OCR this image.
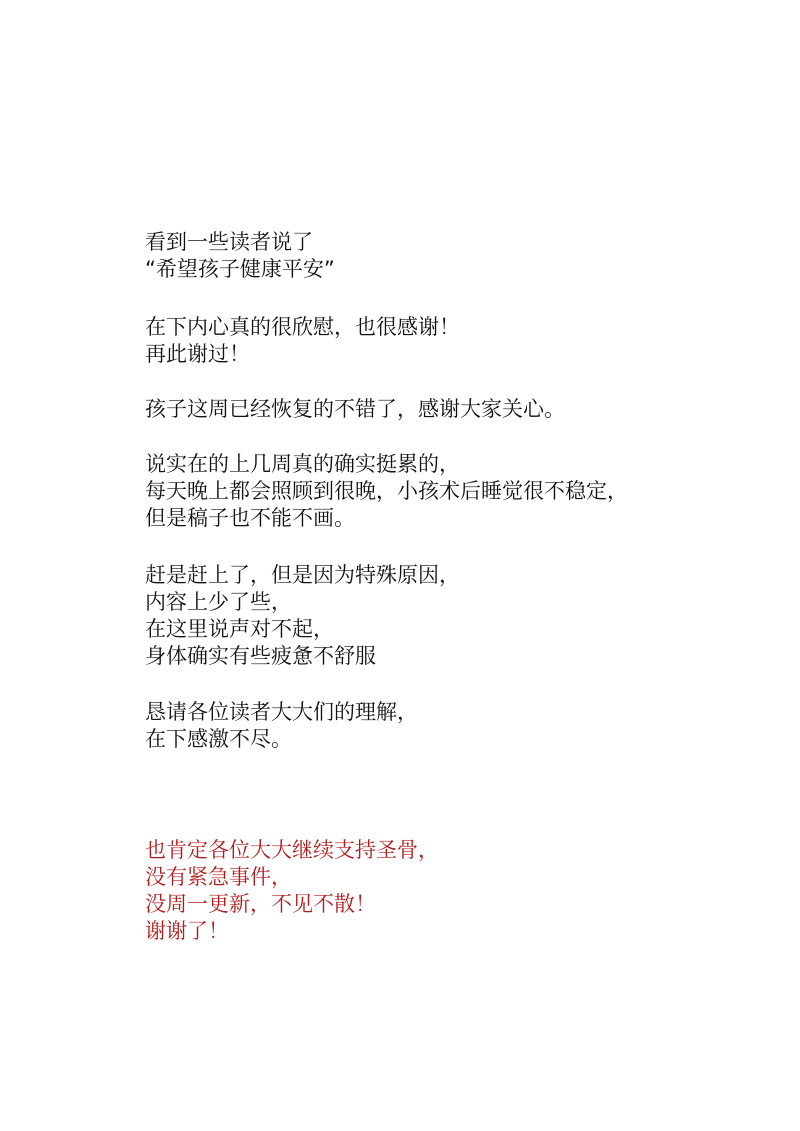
看到一些读者说了
“希望孩子健康平安”

在下内心真的很欣慰，也很感谢！
再此谢过！

孩子这周已经恢复的不错了，感谢大家关心。

说实在的上几周真的确实挺累的，
每天晚上都会照顾到很晚，小孩术后睡觉很不稳定，
但是稿子也不能不画。

赶是赶上了，但是因为特殊原因，
内容上少了些，
在这里说声对不起，
身体确实有些疲惫不舒服

恳请各位读者大大们的理解，
在下感激不尽。

也肯定各位大大继续支持圣骨，
没有紧急事件，
没周一更新，不见不散！
谢谢了！
